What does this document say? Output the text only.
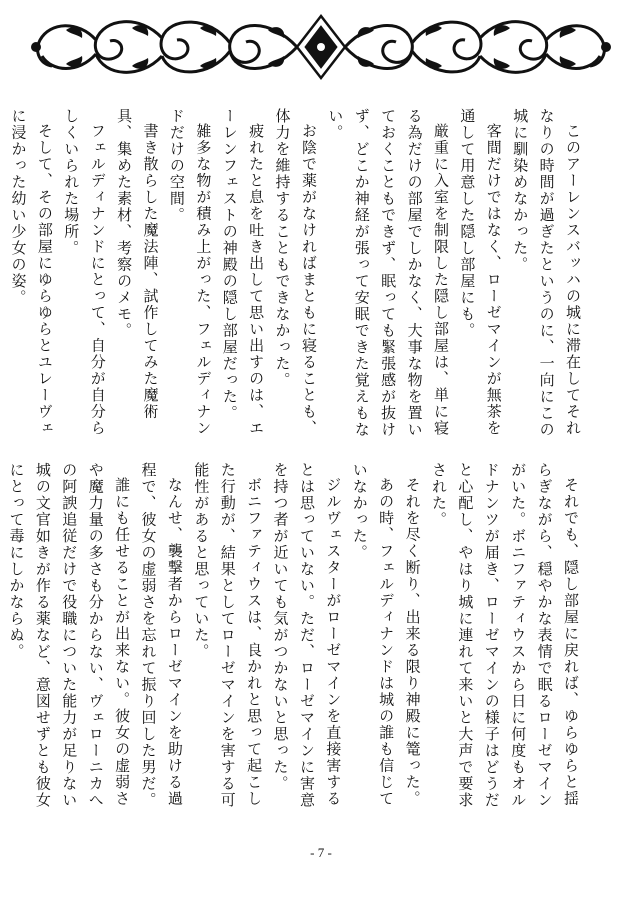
このアーレンスバッハの城に滞在してそれなりの時間が過ぎたというのに、一向にこの城に馴染めなかった。
客間だけではなく、ローゼマインが無茶を通して用意した隠し部屋にも。
厳重に入室を制限した隠し部屋は、単に寝る為だけの部屋でしかなく、大事な物を置いておくこともできず、眠っても緊張感が抜けず、どこか神経が張って安眠できた覚えもない。
お陰で薬がなければまともに寝ることも、体力を維持することもできなかった。
疲れたと息を吐き出して思い出すのは、エーレンフェストの神殿の隠し部屋だった。
雑多な物が積み上がった、フェルディナンドだけの空間。
書き散らした魔法陣、試作してみた魔術具、集めた素材、考察のメモ。
フェルディナンドにとって、自分が自分らしくいられた場所。
そして、その部屋にゆらゆらとユレーヴェに浸かった幼い少女の姿。
それでも、隠し部屋に戻れば、ゆらゆらと揺らぎながら、穏やかな表情で眠るローゼマインがいた。ボニファティウスから日に何度もオルドナンツが届き、ローゼマインの様子はどうだと心配し、やはり城に連れて来いと大声で要求された。
それを尽く断り、出来る限り神殿に篭った。
あの時、フェルディナンドは城の誰も信じていなかった。
ジルヴェスターがローゼマインを直接害するとは思っていない。ただ、ローゼマインに害意を持つ者が近いても気がつかないと思った。
ボニファティウスは、良かれと思って起こした行動が、結果としてローゼマインを害する可能性があると思っていた。
なんせ、襲撃者からローゼマインを助ける過程で、彼女の虚弱さを忘れて振り回した男だ。
誰にも任せることが出来ない。彼女の虚弱さや魔力量の多さも分からない、ヴェローニカへの阿諛追従だけで役職についた能力が足りない城の文官如きが作る薬など、意図せずとも彼女にとって毒にしかならぬ。
- 7 -
